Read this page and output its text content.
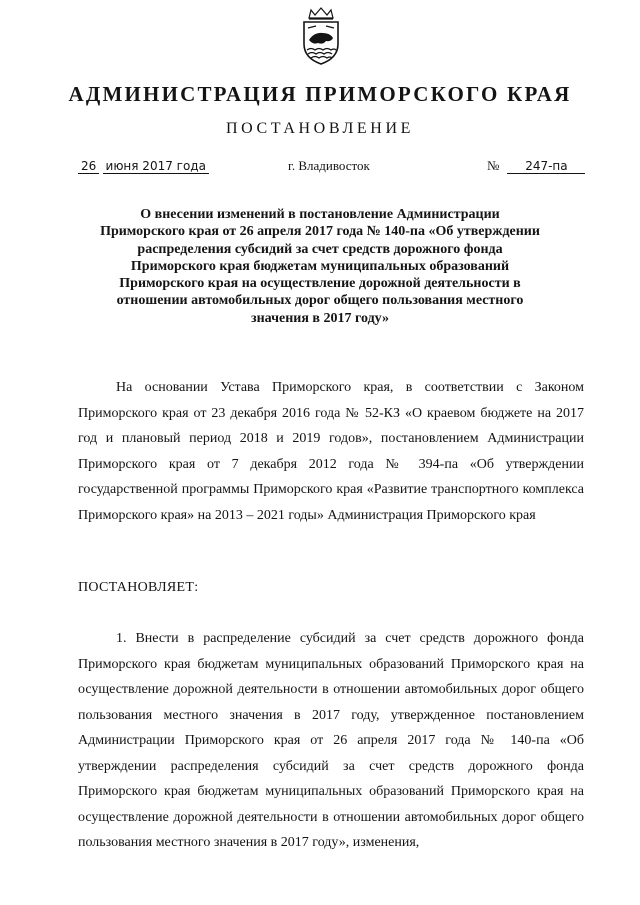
АДМИНИСТРАЦИЯ ПРИМОРСКОГО КРАЯ
ПОСТАНОВЛЕНИЕ
26 июня 2017 года	г. Владивосток	№ 247-па
О внесении изменений в постановление Администрации Приморского края от 26 апреля 2017 года № 140-па «Об утверждении распределения субсидий за счет средств дорожного фонда Приморского края бюджетам муниципальных образований Приморского края на осуществление дорожной деятельности в отношении автомобильных дорог общего пользования местного значения в 2017 году»

На основании Устава Приморского края, в соответствии с Законом Приморского края от 23 декабря 2016 года № 52-КЗ «О краевом бюджете на 2017 год и плановый период 2018 и 2019 годов», постановлением Администрации Приморского края от 7 декабря 2012 года № 394-па «Об утверждении государственной программы Приморского края «Развитие транспортного комплекса Приморского края» на 2013 – 2021 годы» Администрация Приморского края

ПОСТАНОВЛЯЕТ:

1. Внести в распределение субсидий за счет средств дорожного фонда Приморского края бюджетам муниципальных образований Приморского края на осуществление дорожной деятельности в отношении автомобильных дорог общего пользования местного значения в 2017 году, утвержденное постановлением Администрации Приморского края от 26 апреля 2017 года № 140-па «Об утверждении распределения субсидий за счет средств дорожного фонда Приморского края бюджетам муниципальных образований Приморского края на осуществление дорожной деятельности в отношении автомобильных дорог общего пользования местного значения в 2017 году», изменения,
